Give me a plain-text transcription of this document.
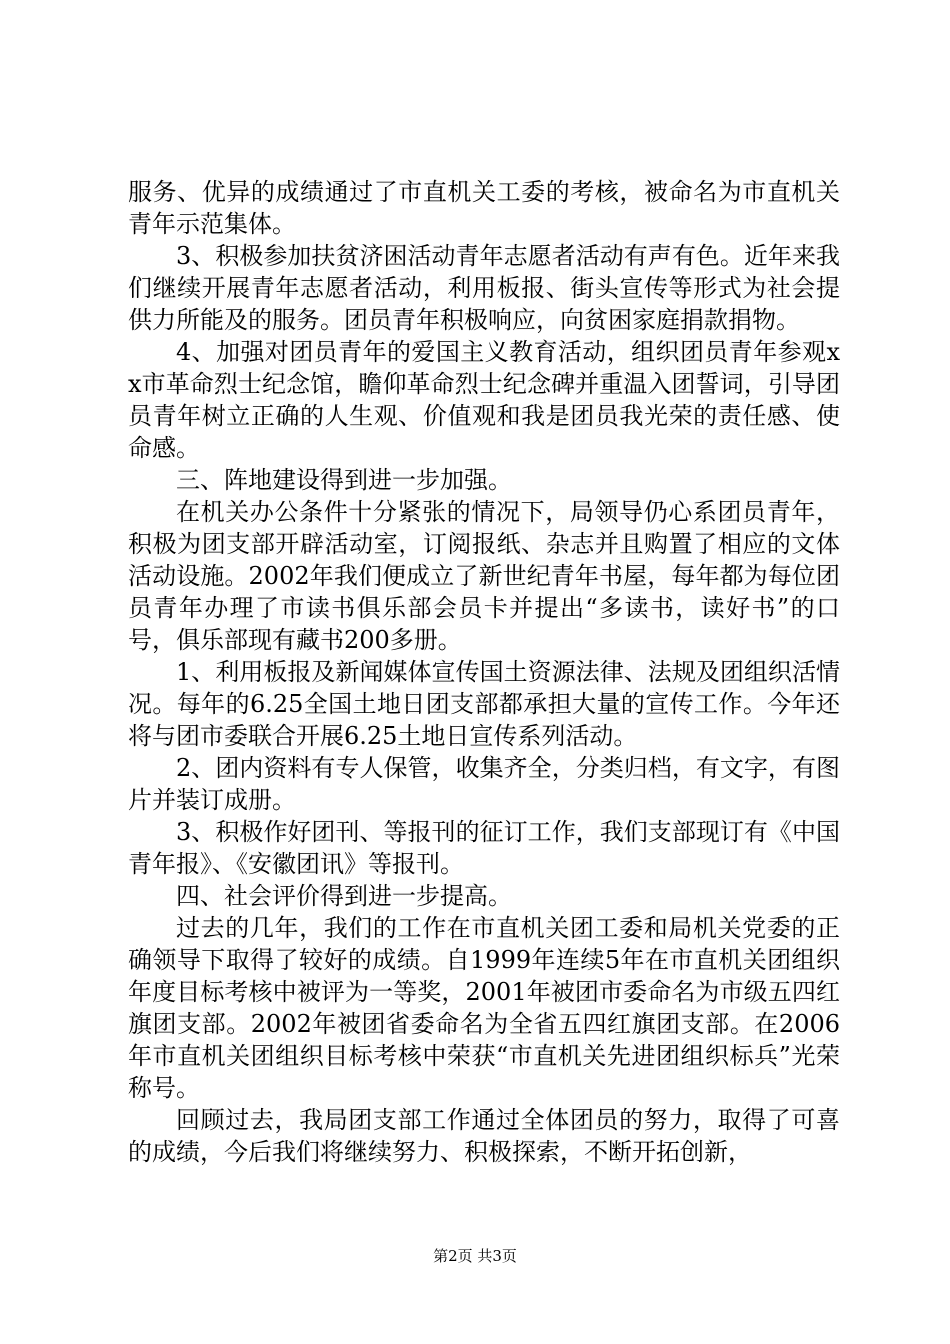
服务、优异的成绩通过了市直机关工委的考核，被命名为市直机关青年示范集体。

3、积极参加扶贫济困活动青年志愿者活动有声有色。近年来我们继续开展青年志愿者活动，利用板报、街头宣传等形式为社会提供力所能及的服务。团员青年积极响应，向贫困家庭捐款捐物。

4、加强对团员青年的爱国主义教育活动，组织团员青年参观xx市革命烈士纪念馆，瞻仰革命烈士纪念碑并重温入团誓词，引导团员青年树立正确的人生观、价值观和我是团员我光荣的责任感、使命感。

三、阵地建设得到进一步加强。

在机关办公条件十分紧张的情况下，局领导仍心系团员青年，积极为团支部开辟活动室，订阅报纸、杂志并且购置了相应的文体活动设施。2002年我们便成立了新世纪青年书屋，每年都为每位团员青年办理了市读书俱乐部会员卡并提出“多读书，读好书”的口号，俱乐部现有藏书200多册。

1、利用板报及新闻媒体宣传国土资源法律、法规及团组织活情况。每年的6.25全国土地日团支部都承担大量的宣传工作。今年还将与团市委联合开展6.25土地日宣传系列活动。

2、团内资料有专人保管，收集齐全，分类归档，有文字，有图片并装订成册。

3、积极作好团刊、等报刊的征订工作，我们支部现订有《中国青年报》、《安徽团讯》等报刊。

四、社会评价得到进一步提高。

过去的几年，我们的工作在市直机关团工委和局机关党委的正确领导下取得了较好的成绩。自1999年连续5年在市直机关团组织年度目标考核中被评为一等奖，2001年被团市委命名为市级五四红旗团支部。2002年被团省委命名为全省五四红旗团支部。在2006年市直机关团组织目标考核中荣获“市直机关先进团组织标兵”光荣称号。

回顾过去，我局团支部工作通过全体团员的努力，取得了可喜的成绩，今后我们将继续努力、积极探索，不断开拓创新，

第2页 共3页
